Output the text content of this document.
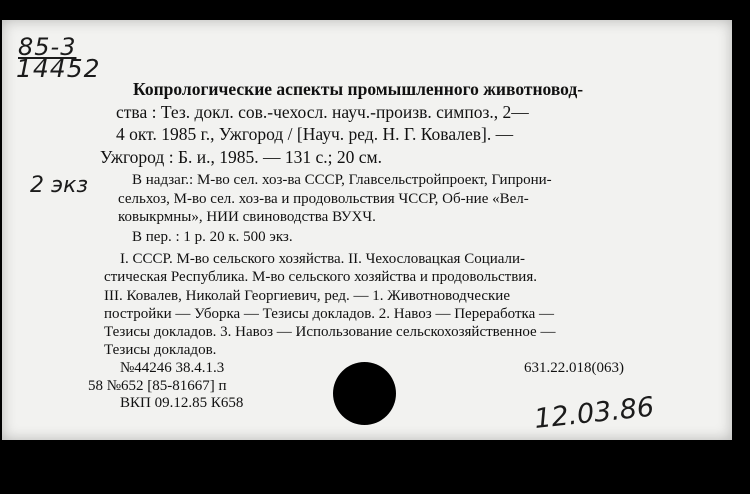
85-3
14452
2 экз
Копрологические аспекты промышленного животновод-
ства : Тез. докл. сов.-чехосл. науч.-произв. симпоз., 2—
4 окт. 1985 г., Ужгород / [Науч. ред. Н. Г. Ковалев]. —
Ужгород : Б. и., 1985. — 131 с.; 20 см.
В надзаг.: М-во сел. хоз-ва СССР, Главсельстройпроект, Гипрони-
сельхоз, М-во сел. хоз-ва и продовольствия ЧССР, Об-ние «Вел-
ковыкрмны», НИИ свиноводства ВУХЧ.
В пер. : 1 р. 20 к. 500 экз.
I. СССР. М-во сельского хозяйства. II. Чехословацкая Социали-
стическая Республика. М-во сельского хозяйства и продовольствия.
III. Ковалев, Николай Георгиевич, ред. — 1. Животноводческие
постройки — Уборка — Тезисы докладов. 2. Навоз — Переработка —
Тезисы докладов. 3. Навоз — Использование сельскохозяйственное —
Тезисы докладов.
№44246 38.4.1.3	631.22.018(063)
58 №652 [85-81667] п
ВКП 09.12.85 К658	12.03.86
